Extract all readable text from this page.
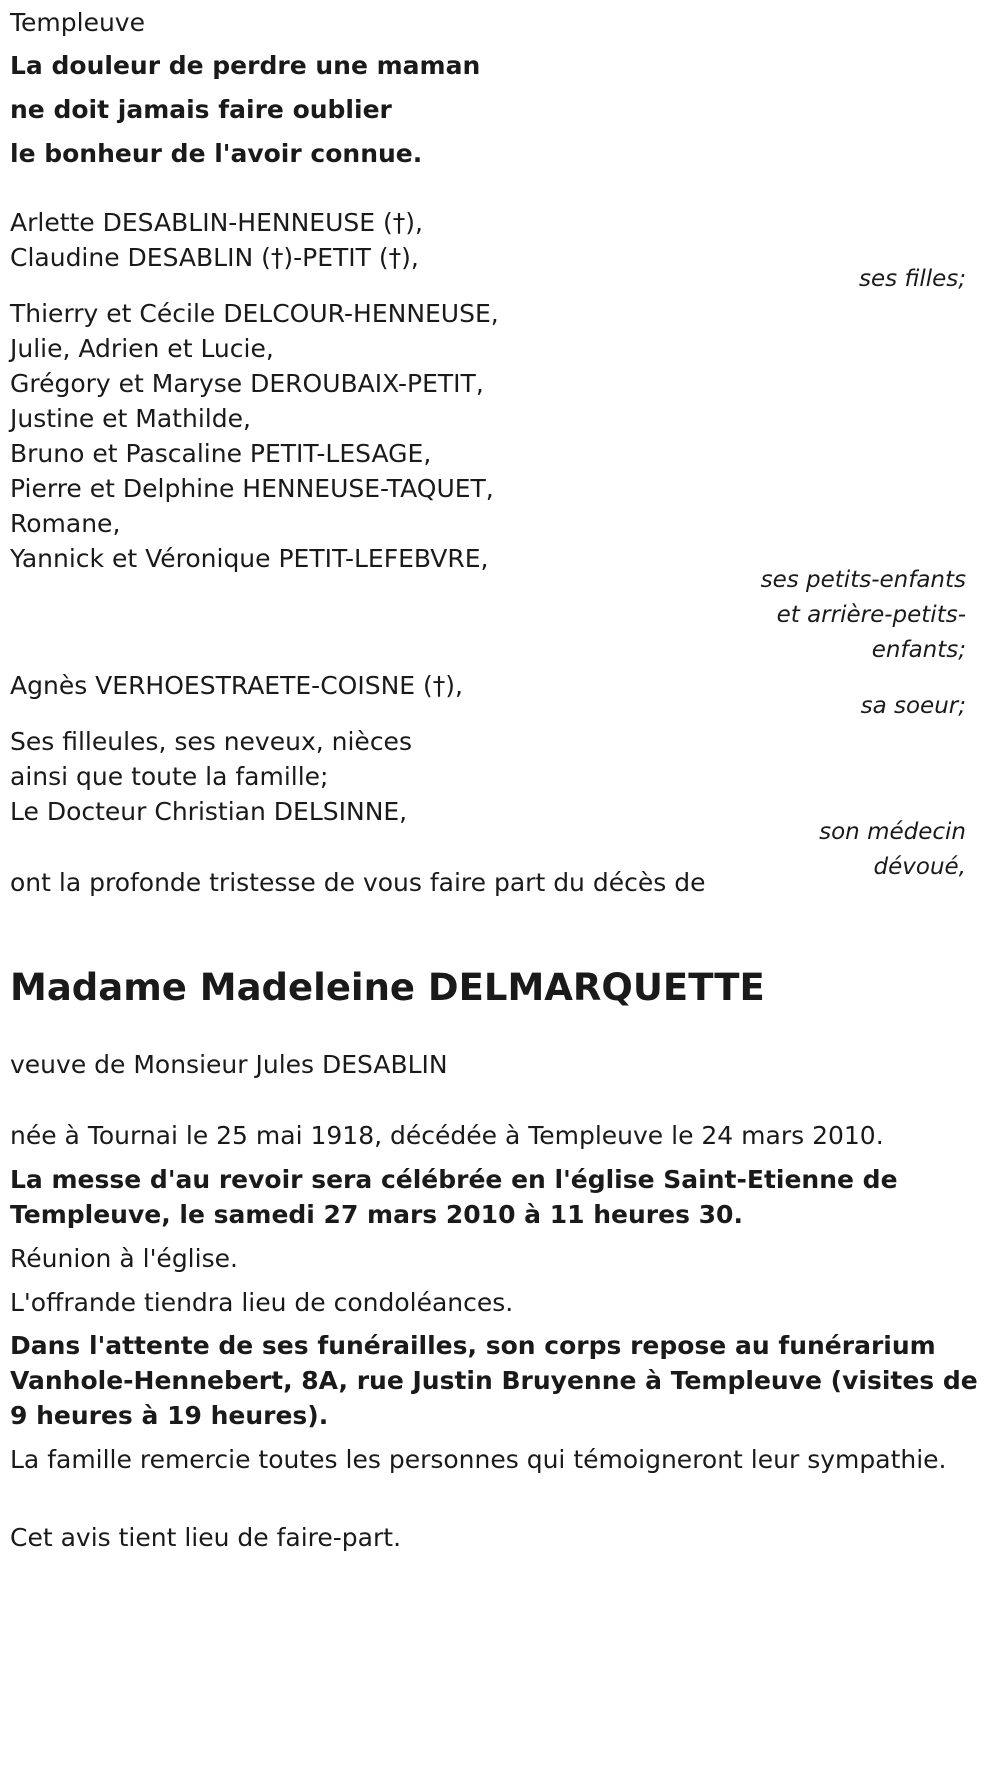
Templeuve
La douleur de perdre une maman
ne doit jamais faire oublier
le bonheur de l'avoir connue.
Arlette DESABLIN-HENNEUSE (†),
Claudine DESABLIN (†)-PETIT (†),
ses filles;
Thierry et Cécile DELCOUR-HENNEUSE,
Julie, Adrien et Lucie,
Grégory et Maryse DEROUBAIX-PETIT,
Justine et Mathilde,
Bruno et Pascaline PETIT-LESAGE,
Pierre et Delphine HENNEUSE-TAQUET,
Romane,
Yannick et Véronique PETIT-LEFEBVRE,
ses petits-enfants
et arrière-petits-
enfants;
Agnès VERHOESTRAETE-COISNE (†),
sa soeur;
Ses filleules, ses neveux, nièces
ainsi que toute la famille;
Le Docteur Christian DELSINNE,
son médecin
dévoué,
ont la profonde tristesse de vous faire part du décès de
Madame Madeleine DELMARQUETTE
veuve de Monsieur Jules DESABLIN
née à Tournai le 25 mai 1918, décédée à Templeuve le 24 mars 2010.
La messe d'au revoir sera célébrée en l'église Saint-Etienne de Templeuve, le samedi 27 mars 2010 à 11 heures 30.
Réunion à l'église.
L'offrande tiendra lieu de condoléances.
Dans l'attente de ses funérailles, son corps repose au funérarium Vanhole-Hennebert, 8A, rue Justin Bruyenne à Templeuve (visites de 9 heures à 19 heures).
La famille remercie toutes les personnes qui témoigneront leur sympathie.
Cet avis tient lieu de faire-part.
